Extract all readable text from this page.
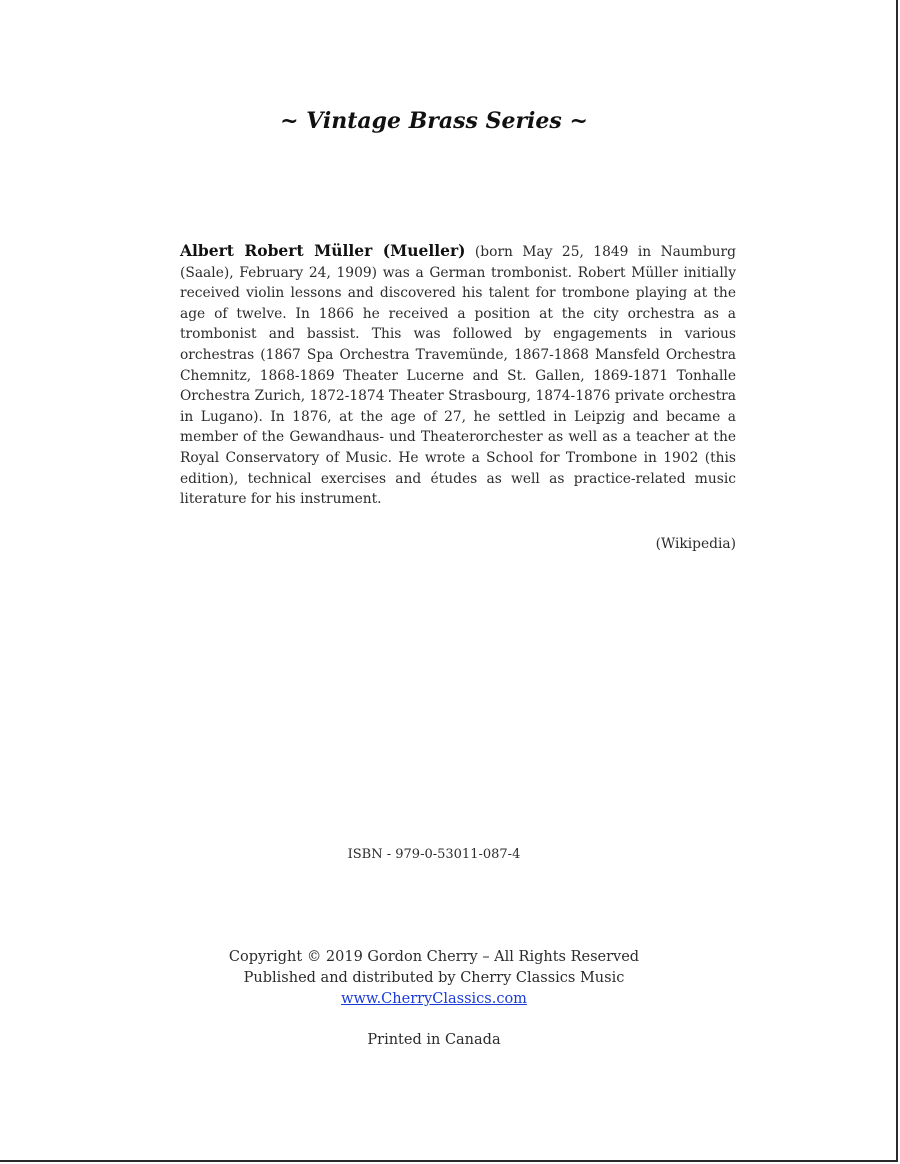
~ Vintage Brass Series ~
Albert Robert Müller (Mueller) (born May 25, 1849 in Naumburg (Saale), February 24, 1909) was a German trombonist. Robert Müller initially received violin lessons and discovered his talent for trombone playing at the age of twelve. In 1866 he received a position at the city orchestra as a trombonist and bassist. This was followed by engagements in various orchestras (1867 Spa Orchestra Travemünde, 1867-1868 Mansfeld Orchestra Chemnitz, 1868-1869 Theater Lucerne and St. Gallen, 1869-1871 Tonhalle Orchestra Zurich, 1872-1874 Theater Strasbourg, 1874-1876 private orchestra in Lugano). In 1876, at the age of 27, he settled in Leipzig and became a member of the Gewandhaus- und Theaterorchester as well as a teacher at the Royal Conservatory of Music. He wrote a School for Trombone in 1902 (this edition), technical exercises and études as well as practice-related music literature for his instrument.
(Wikipedia)
ISBN - 979-0-53011-087-4
Copyright © 2019 Gordon Cherry – All Rights Reserved
Published and distributed by Cherry Classics Music
www.CherryClassics.com
Printed in Canada
